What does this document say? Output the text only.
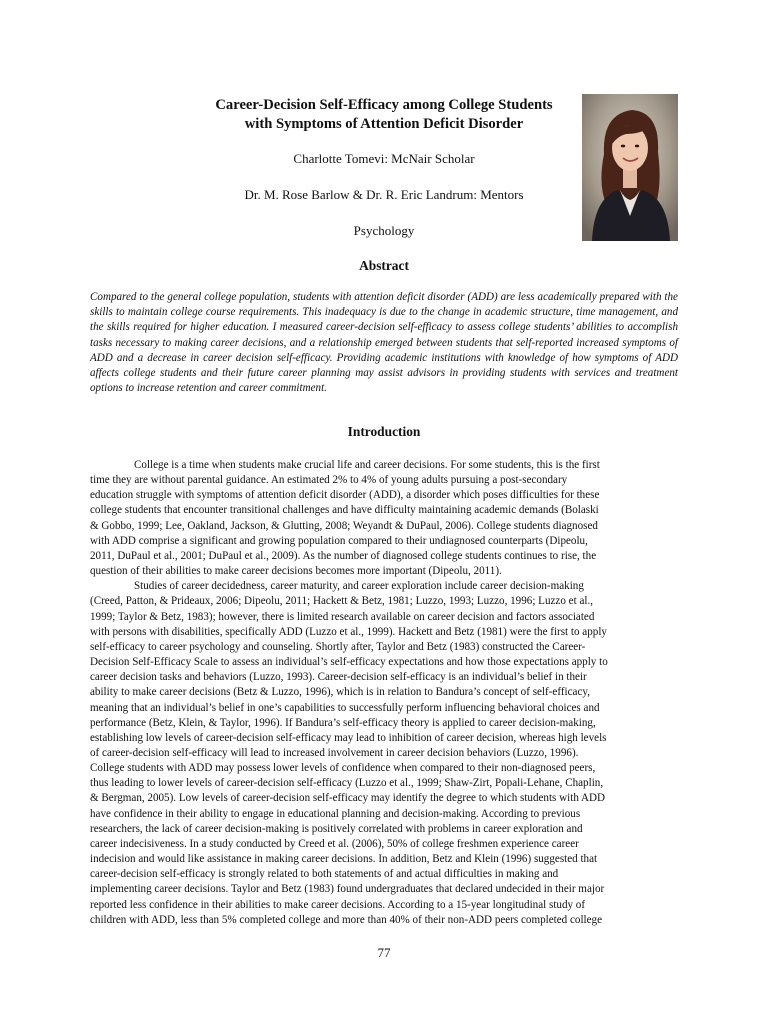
Career-Decision Self-Efficacy among College Students
with Symptoms of Attention Deficit Disorder
Charlotte Tomevi: McNair Scholar
Dr. M. Rose Barlow & Dr. R. Eric Landrum: Mentors
Psychology
Abstract
Compared to the general college population, students with attention deficit disorder (ADD) are less academically prepared with the skills to maintain college course requirements. This inadequacy is due to the change in academic structure, time management, and the skills required for higher education. I measured career-decision self-efficacy to assess college students’ abilities to accomplish tasks necessary to making career decisions, and a relationship emerged between students that self-reported increased symptoms of ADD and a decrease in career decision self-efficacy. Providing academic institutions with knowledge of how symptoms of ADD affects college students and their future career planning may assist advisors in providing students with services and treatment options to increase retention and career commitment.
Introduction
College is a time when students make crucial life and career decisions. For some students, this is the first
time they are without parental guidance. An estimated 2% to 4% of young adults pursuing a post-secondary
education struggle with symptoms of attention deficit disorder (ADD), a disorder which poses difficulties for these
college students that encounter transitional challenges and have difficulty maintaining academic demands (Bolaski
& Gobbo, 1999; Lee, Oakland, Jackson, & Glutting, 2008; Weyandt & DuPaul, 2006). College students diagnosed
with ADD comprise a significant and growing population compared to their undiagnosed counterparts (Dipeolu,
2011, DuPaul et al., 2001; DuPaul et al., 2009). As the number of diagnosed college students continues to rise, the
question of their abilities to make career decisions becomes more important (Dipeolu, 2011).
Studies of career decidedness, career maturity, and career exploration include career decision-making
(Creed, Patton, & Prideaux, 2006; Dipeolu, 2011; Hackett & Betz, 1981; Luzzo, 1993; Luzzo, 1996; Luzzo et al.,
1999; Taylor & Betz, 1983); however, there is limited research available on career decision and factors associated
with persons with disabilities, specifically ADD (Luzzo et al., 1999). Hackett and Betz (1981) were the first to apply
self-efficacy to career psychology and counseling. Shortly after, Taylor and Betz (1983) constructed the Career-
Decision Self-Efficacy Scale to assess an individual’s self-efficacy expectations and how those expectations apply to
career decision tasks and behaviors (Luzzo, 1993). Career-decision self-efficacy is an individual’s belief in their
ability to make career decisions (Betz & Luzzo, 1996), which is in relation to Bandura’s concept of self-efficacy,
meaning that an individual’s belief in one’s capabilities to successfully perform influencing behavioral choices and
performance (Betz, Klein, & Taylor, 1996). If Bandura’s self-efficacy theory is applied to career decision-making,
establishing low levels of career-decision self-efficacy may lead to inhibition of career decision, whereas high levels
of career-decision self-efficacy will lead to increased involvement in career decision behaviors (Luzzo, 1996).
College students with ADD may possess lower levels of confidence when compared to their non-diagnosed peers,
thus leading to lower levels of career-decision self-efficacy (Luzzo et al., 1999; Shaw-Zirt, Popali-Lehane, Chaplin,
& Bergman, 2005). Low levels of career-decision self-efficacy may identify the degree to which students with ADD
have confidence in their ability to engage in educational planning and decision-making. According to previous
researchers, the lack of career decision-making is positively correlated with problems in career exploration and
career indecisiveness. In a study conducted by Creed et al. (2006), 50% of college freshmen experience career
indecision and would like assistance in making career decisions. In addition, Betz and Klein (1996) suggested that
career-decision self-efficacy is strongly related to both statements of and actual difficulties in making and
implementing career decisions. Taylor and Betz (1983) found undergraduates that declared undecided in their major
reported less confidence in their abilities to make career decisions. According to a 15-year longitudinal study of
children with ADD, less than 5% completed college and more than 40% of their non-ADD peers completed college
77
